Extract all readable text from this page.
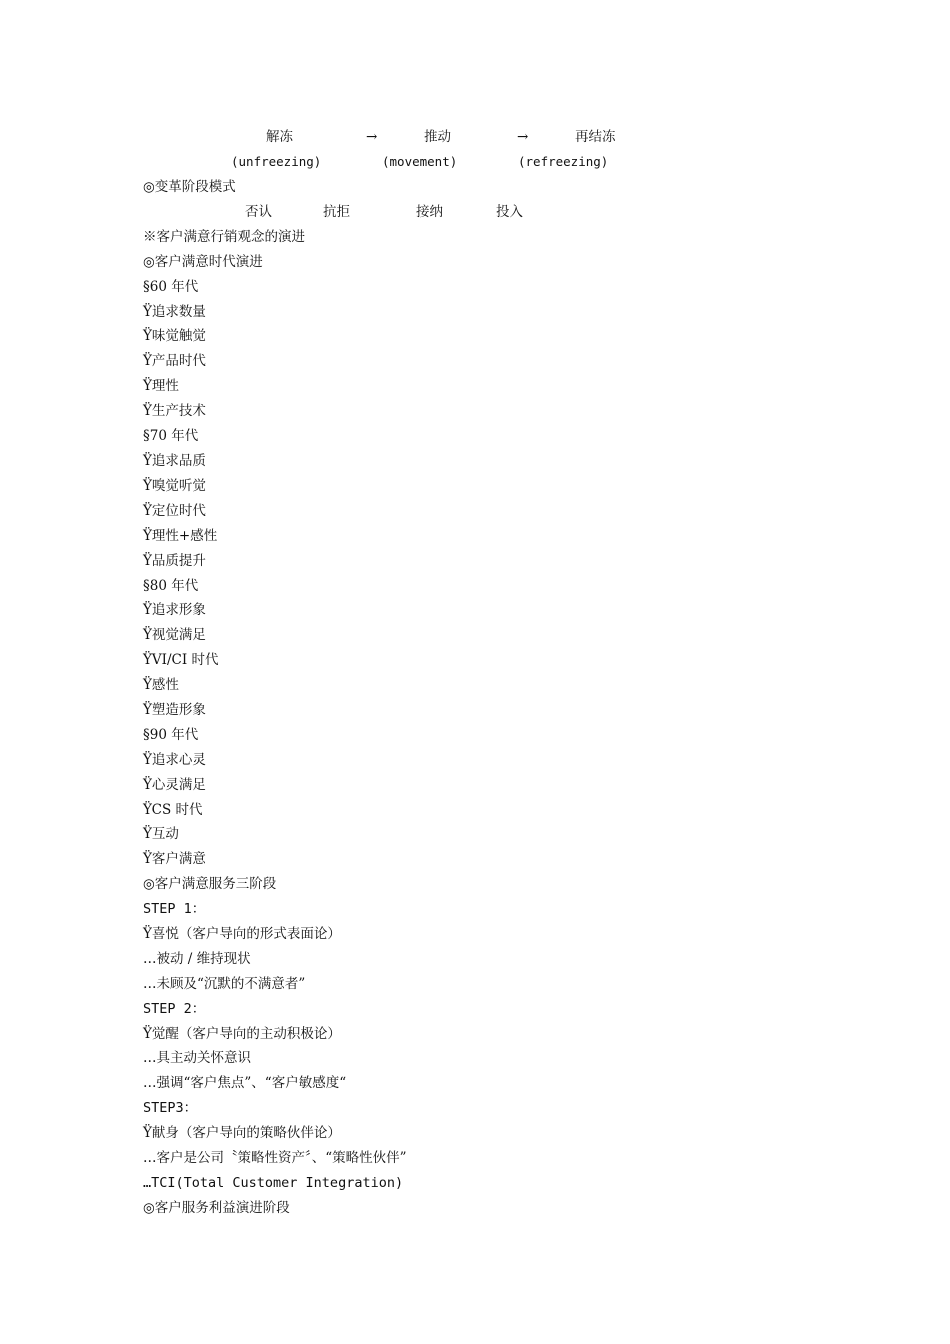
解冻	→	推动	→	再结冻
(unfreezing)	(movement)	(refreezing)
◎变革阶段模式
否认	抗拒	接纳	投入
※客户满意行销观念的演进
◎客户满意时代演进
§60 年代
Ÿ追求数量
Ÿ味觉触觉
Ÿ产品时代
Ÿ理性
Ÿ生产技术
§70 年代
Ÿ追求品质
Ÿ嗅觉听觉
Ÿ定位时代
Ÿ理性+感性
Ÿ品质提升
§80 年代
Ÿ追求形象
Ÿ视觉满足
ŸVI/CI 时代
Ÿ感性
Ÿ塑造形象
§90 年代
Ÿ追求心灵
Ÿ心灵满足
ŸCS 时代
Ÿ互动
Ÿ客户满意
◎客户满意服务三阶段
STEP 1：
Ÿ喜悦（客户导向的形式表面论）
…被动 / 维持现状
…未顾及“沉默的不满意者”
STEP 2：
Ÿ觉醒（客户导向的主动积极论）
…具主动关怀意识
…强调“客户焦点”、“客户敏感度“
STEP3：
Ÿ献身（客户导向的策略伙伴论）
…客户是公司〝策略性资产〞、“策略性伙伴”
…TCI(Total Customer Integration)
◎客户服务利益演进阶段
